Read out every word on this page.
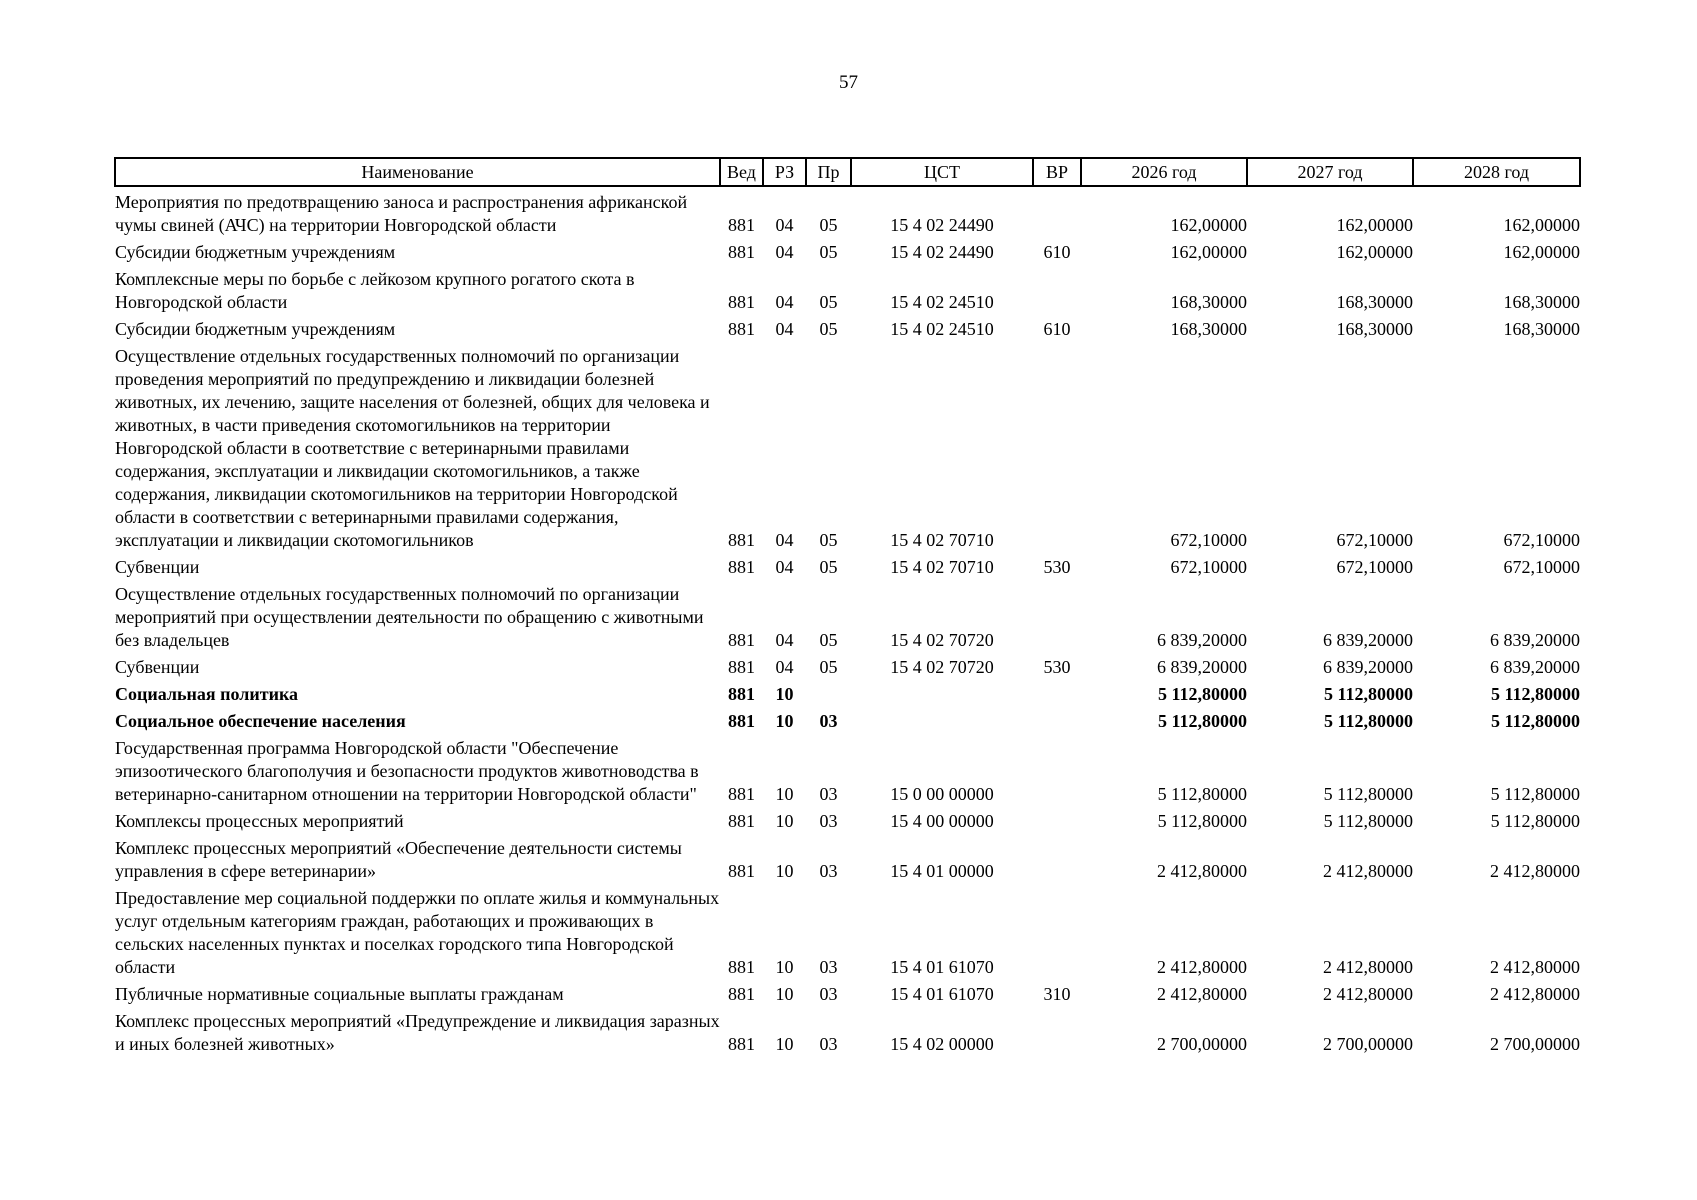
57
Наименование	Вед	РЗ	Пр	ЦСТ	ВР	2026 год	2027 год	2028 год
Мероприятия по предотвращению заноса и распространения африканской чумы свиней (АЧС) на территории Новгородской области	881	04	05	15 4 02 24490		162,00000	162,00000	162,00000
Субсидии бюджетным учреждениям	881	04	05	15 4 02 24490	610	162,00000	162,00000	162,00000
Комплексные меры по борьбе с лейкозом крупного рогатого скота в Новгородской области	881	04	05	15 4 02 24510		168,30000	168,30000	168,30000
Субсидии бюджетным учреждениям	881	04	05	15 4 02 24510	610	168,30000	168,30000	168,30000
Осуществление отдельных государственных полномочий по организации проведения мероприятий по предупреждению и ликвидации болезней животных, их лечению, защите населения от болезней, общих для человека и животных, в части приведения скотомогильников на территории Новгородской области в соответствие с ветеринарными правилами содержания, эксплуатации и ликвидации скотомогильников, а также содержания, ликвидации скотомогильников на территории Новгородской области в соответствии с ветеринарными правилами содержания, эксплуатации и ликвидации скотомогильников	881	04	05	15 4 02 70710		672,10000	672,10000	672,10000
Субвенции	881	04	05	15 4 02 70710	530	672,10000	672,10000	672,10000
Осуществление отдельных государственных полномочий по организации мероприятий при осуществлении деятельности по обращению с животными без владельцев	881	04	05	15 4 02 70720		6 839,20000	6 839,20000	6 839,20000
Субвенции	881	04	05	15 4 02 70720	530	6 839,20000	6 839,20000	6 839,20000
Социальная политика	881	10				5 112,80000	5 112,80000	5 112,80000
Социальное обеспечение населения	881	10	03			5 112,80000	5 112,80000	5 112,80000
Государственная программа Новгородской области "Обеспечение эпизоотического благополучия и безопасности продуктов животноводства в ветеринарно-санитарном отношении на территории Новгородской области"	881	10	03	15 0 00 00000		5 112,80000	5 112,80000	5 112,80000
Комплексы процессных мероприятий	881	10	03	15 4 00 00000		5 112,80000	5 112,80000	5 112,80000
Комплекс процессных мероприятий «Обеспечение деятельности системы управления в сфере ветеринарии»	881	10	03	15 4 01 00000		2 412,80000	2 412,80000	2 412,80000
Предоставление мер социальной поддержки по оплате жилья и коммунальных услуг отдельным категориям граждан, работающих и проживающих в сельских населенных пунктах и поселках городского типа Новгородской области	881	10	03	15 4 01 61070		2 412,80000	2 412,80000	2 412,80000
Публичные нормативные социальные выплаты гражданам	881	10	03	15 4 01 61070	310	2 412,80000	2 412,80000	2 412,80000
Комплекс процессных мероприятий «Предупреждение и ликвидация заразных и иных болезней животных»	881	10	03	15 4 02 00000		2 700,00000	2 700,00000	2 700,00000
